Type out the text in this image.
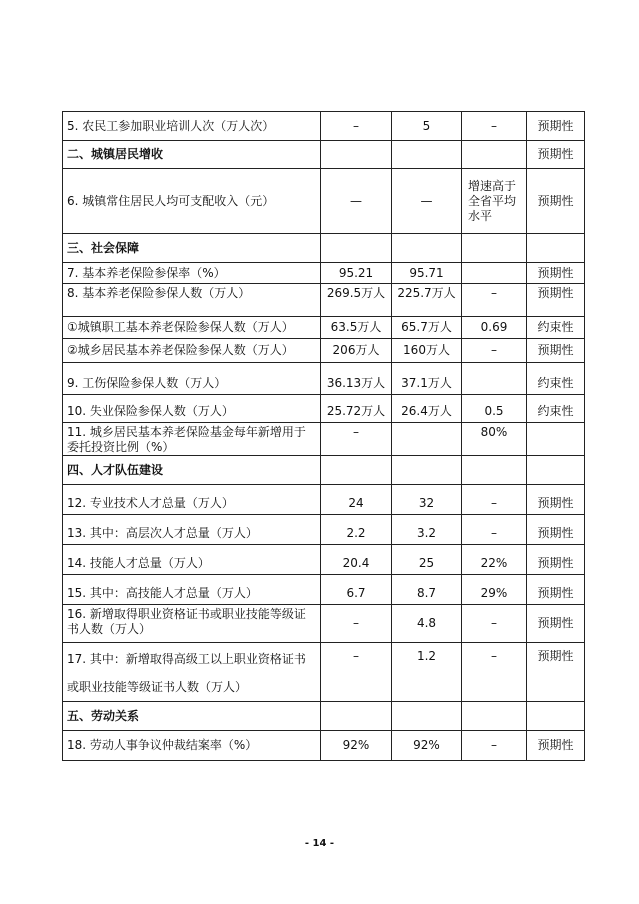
5. 农民工参加职业培训人次（万人次）	–	5	–	预期性
二、城镇居民增收				预期性
6. 城镇常住居民人均可支配收入（元）	—	—	增速高于全省平均水平	预期性
三、社会保障				
7. 基本养老保险参保率（%）	95.21	95.71		预期性
8. 基本养老保险参保人数（万人）	269.5万人	225.7万人	–	预期性
①城镇职工基本养老保险参保人数（万人）	63.5万人	65.7万人	0.69	约束性
②城乡居民基本养老保险参保人数（万人）	206万人	160万人	–	预期性
9. 工伤保险参保人数（万人）	36.13万人	37.1万人		约束性
10. 失业保险参保人数（万人）	25.72万人	26.4万人	0.5	约束性
11. 城乡居民基本养老保险基金每年新增用于委托投资比例（%）	–		80%	
四、人才队伍建设				
12. 专业技术人才总量（万人）	24	32	–	预期性
13. 其中：高层次人才总量（万人）	2.2	3.2	–	预期性
14. 技能人才总量（万人）	20.4	25	22%	预期性
15. 其中：高技能人才总量（万人）	6.7	8.7	29%	预期性
16. 新增取得职业资格证书或职业技能等级证书人数（万人）	–	4.8	–	预期性
17. 其中：新增取得高级工以上职业资格证书或职业技能等级证书人数（万人）	–	1.2	–	预期性
五、劳动关系				
18. 劳动人事争议仲裁结案率（%）	92%	92%	–	预期性
- 14 -
